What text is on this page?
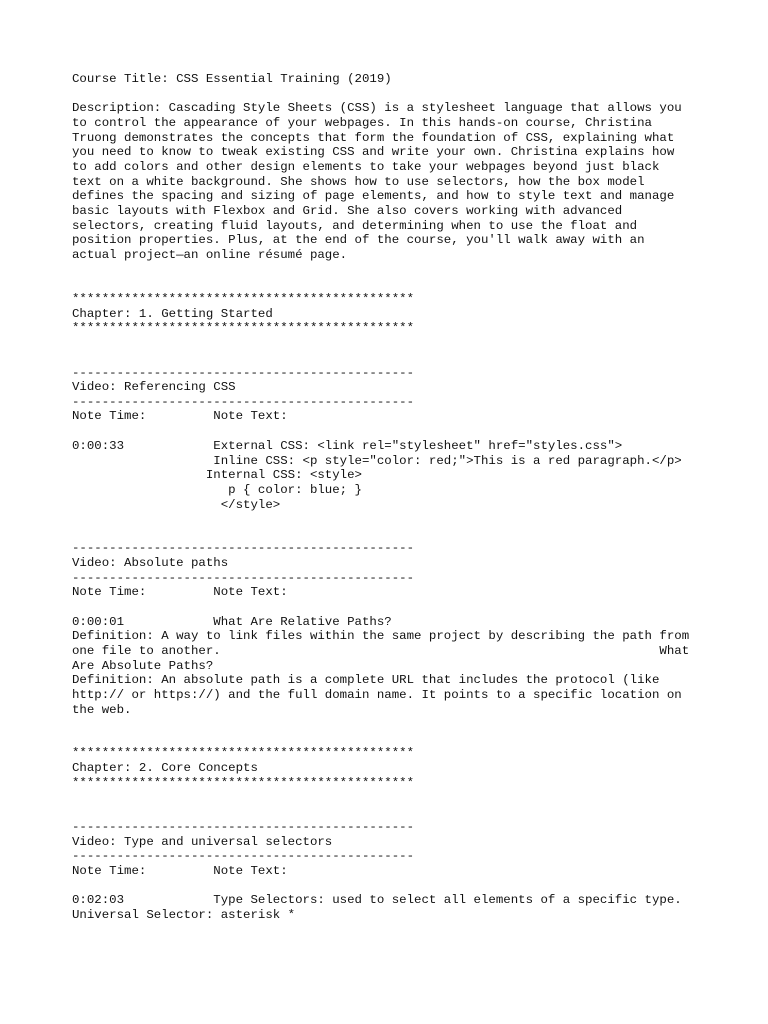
Course Title: CSS Essential Training (2019)
Description: Cascading Style Sheets (CSS) is a stylesheet language that allows you
to control the appearance of your webpages. In this hands-on course, Christina
Truong demonstrates the concepts that form the foundation of CSS, explaining what
you need to know to tweak existing CSS and write your own. Christina explains how
to add colors and other design elements to take your webpages beyond just black
text on a white background. She shows how to use selectors, how the box model
defines the spacing and sizing of page elements, and how to style text and manage
basic layouts with Flexbox and Grid. She also covers working with advanced
selectors, creating fluid layouts, and determining when to use the float and
position properties. Plus, at the end of the course, you'll walk away with an
actual project—an online résumé page.
**********************************************
Chapter: 1. Getting Started
**********************************************
----------------------------------------------
Video: Referencing CSS
----------------------------------------------
Note Time:         Note Text:
0:00:33            External CSS: <link rel="stylesheet" href="styles.css">
Inline CSS: <p style="color: red;">This is a red paragraph.</p>
Internal CSS: <style>
p { color: blue; }
</style>
----------------------------------------------
Video: Absolute paths
----------------------------------------------
Note Time:         Note Text:
0:00:01            What Are Relative Paths?
Definition: A way to link files within the same project by describing the path from
one file to another.                                                           What
Are Absolute Paths?
Definition: An absolute path is a complete URL that includes the protocol (like
http:// or https://) and the full domain name. It points to a specific location on
the web.
**********************************************
Chapter: 2. Core Concepts
**********************************************
----------------------------------------------
Video: Type and universal selectors
----------------------------------------------
Note Time:         Note Text:
0:02:03            Type Selectors: used to select all elements of a specific type.
Universal Selector: asterisk *
